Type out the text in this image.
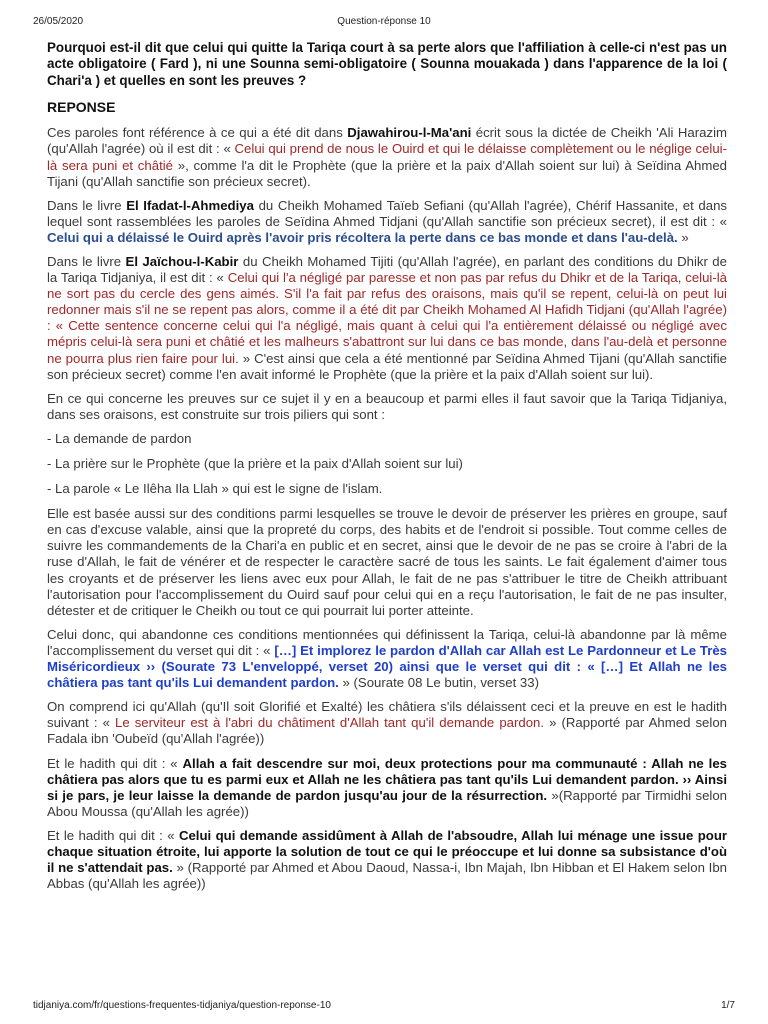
26/05/2020	Question-réponse 10

Pourquoi est-il dit que celui qui quitte la Tariqa court à sa perte alors que l'affiliation à celle-ci n'est pas un acte obligatoire ( Fard ), ni une Sounna semi-obligatoire ( Sounna mouakada ) dans l'apparence de la loi ( Chari'a ) et quelles en sont les preuves ?

REPONSE

Ces paroles font référence à ce qui a été dit dans Djawahirou-l-Ma'ani écrit sous la dictée de Cheikh 'Ali Harazim (qu'Allah l'agrée) où il est dit : « Celui qui prend de nous le Ouird et qui le délaisse complètement ou le néglige celui-là sera puni et châtié », comme l'a dit le Prophète (que la prière et la paix d'Allah soient sur lui) à Seïdina Ahmed Tijani (qu'Allah sanctifie son précieux secret).

Dans le livre El Ifadat-l-Ahmediya du Cheikh Mohamed Taïeb Sefiani (qu'Allah l'agrée), Chérif Hassanite, et dans lequel sont rassemblées les paroles de Seïdina Ahmed Tidjani (qu'Allah sanctifie son précieux secret), il est dit : « Celui qui a délaissé le Ouird après l'avoir pris récoltera la perte dans ce bas monde et dans l'au-delà. »

Dans le livre El Jaïchou-l-Kabir du Cheikh Mohamed Tijiti (qu'Allah l'agrée), en parlant des conditions du Dhikr de la Tariqa Tidjaniya, il est dit : « Celui qui l'a négligé par paresse et non pas par refus du Dhikr et de la Tariqa, celui-là ne sort pas du cercle des gens aimés. S'il l'a fait par refus des oraisons, mais qu'il se repent, celui-là on peut lui redonner mais s'il ne se repent pas alors, comme il a été dit par Cheikh Mohamed Al Hafidh Tidjani (qu'Allah l'agrée) : « Cette sentence concerne celui qui l'a négligé, mais quant à celui qui l'a entièrement délaissé ou négligé avec mépris celui-là sera puni et châtié et les malheurs s'abattront sur lui dans ce bas monde, dans l'au-delà et personne ne pourra plus rien faire pour lui. » C'est ainsi que cela a été mentionné par Seïdina Ahmed Tijani (qu'Allah sanctifie son précieux secret) comme l'en avait informé le Prophète (que la prière et la paix d'Allah soient sur lui).

En ce qui concerne les preuves sur ce sujet il y en a beaucoup et parmi elles il faut savoir que la Tariqa Tidjaniya, dans ses oraisons, est construite sur trois piliers qui sont :

- La demande de pardon

- La prière sur le Prophète (que la prière et la paix d'Allah soient sur lui)

- La parole « Le Ilêha Ila Llah » qui est le signe de l'islam.

Elle est basée aussi sur des conditions parmi lesquelles se trouve le devoir de préserver les prières en groupe, sauf en cas d'excuse valable, ainsi que la propreté du corps, des habits et de l'endroit si possible. Tout comme celles de suivre les commandements de la Chari'a en public et en secret, ainsi que le devoir de ne pas se croire à l'abri de la ruse d'Allah, le fait de vénérer et de respecter le caractère sacré de tous les saints. Le fait également d'aimer tous les croyants et de préserver les liens avec eux pour Allah, le fait de ne pas s'attribuer le titre de Cheikh attribuant l'autorisation pour l'accomplissement du Ouird sauf pour celui qui en a reçu l'autorisation, le fait de ne pas insulter, détester et de critiquer le Cheikh ou tout ce qui pourrait lui porter atteinte.

Celui donc, qui abandonne ces conditions mentionnées qui définissent la Tariqa, celui-là abandonne par là même l'accomplissement du verset qui dit : « […] Et implorez le pardon d'Allah car Allah est Le Pardonneur et Le Très Miséricordieux ›› (Sourate 73 L'enveloppé, verset 20) ainsi que le verset qui dit : « […] Et Allah ne les châtiera pas tant qu'ils Lui demandent pardon. » (Sourate 08 Le butin, verset 33)

On comprend ici qu'Allah (qu'Il soit Glorifié et Exalté) les châtiera s'ils délaissent ceci et la preuve en est le hadith suivant : « Le serviteur est à l'abri du châtiment d'Allah tant qu'il demande pardon. » (Rapporté par Ahmed selon Fadala ibn 'Oubeïd (qu'Allah l'agrée))

Et le hadith qui dit : « Allah a fait descendre sur moi, deux protections pour ma communauté : Allah ne les châtiera pas alors que tu es parmi eux et Allah ne les châtiera pas tant qu'ils Lui demandent pardon. ›› Ainsi si je pars, je leur laisse la demande de pardon jusqu'au jour de la résurrection. »(Rapporté par Tirmidhi selon Abou Moussa (qu'Allah les agrée))

Et le hadith qui dit : « Celui qui demande assidûment à Allah de l'absoudre, Allah lui ménage une issue pour chaque situation étroite, lui apporte la solution de tout ce qui le préoccupe et lui donne sa subsistance d'où il ne s'attendait pas. » (Rapporté par Ahmed et Abou Daoud, Nassa-i, Ibn Majah, Ibn Hibban et El Hakem selon Ibn Abbas (qu'Allah les agrée))

tidjaniya.com/fr/questions-frequentes-tidjaniya/question-reponse-10	1/7
